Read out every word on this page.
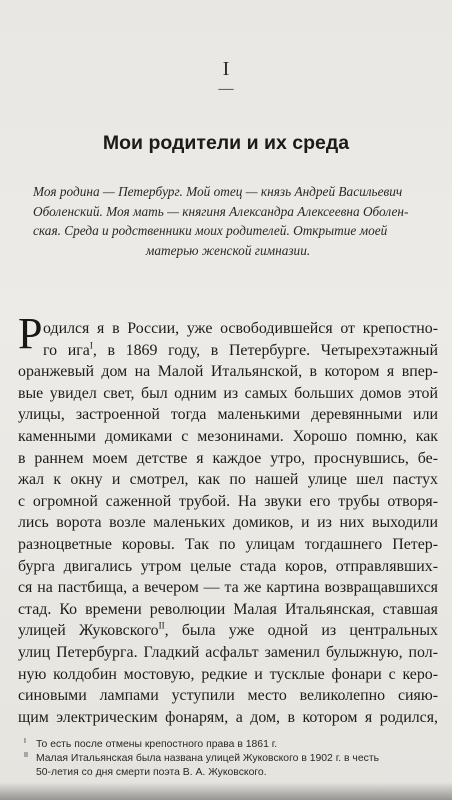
I
—
Мои родители и их среда
Моя родина — Петербург. Мой отец — князь Андрей Васильевич
Оболенский. Моя мать — княгиня Александра Алексеевна Оболен-
ская. Среда и родственники моих родителей. Открытие моей
матерью женской гимназии.
Р одился я в России, уже освободившейся от крепостно-
го ига$^I$, в 1869 году, в Петербурге. Четырехэтажный
оранжевый дом на Малой Итальянской, в котором я впер-
вые увидел свет, был одним из самых больших домов этой
улицы, застроенной тогда маленькими деревянными или
каменными домиками с мезонинами. Хорошо помню, как
в раннем моем детстве я каждое утро, проснувшись, бе-
жал к окну и смотрел, как по нашей улице шел пастух
с огромной саженной трубой. На звуки его трубы отворя-
лись ворота возле маленьких домиков, и из них выходили
разноцветные коровы. Так по улицам тогдашнего Петер-
бурга двигались утром целые стада коров, отправлявших-
ся на пастбища, а вечером — та же картина возвращавшихся
стад. Ко времени революции Малая Итальянская, ставшая
улицей Жуковского$^{II}$, была уже одной из центральных
улиц Петербурга. Гладкий асфальт заменил булыжную, пол-
ную колдобин мостовую, редкие и тусклые фонари с керо-
синовыми лампами уступили место великолепно сияю-
щим электрическим фонарям, а дом, в котором я родился,
I То есть после отмены крепостного права в 1861 г.
II Малая Итальянская была названа улицей Жуковского в 1902 г. в честь
50-летия со дня смерти поэта В. А. Жуковского.
